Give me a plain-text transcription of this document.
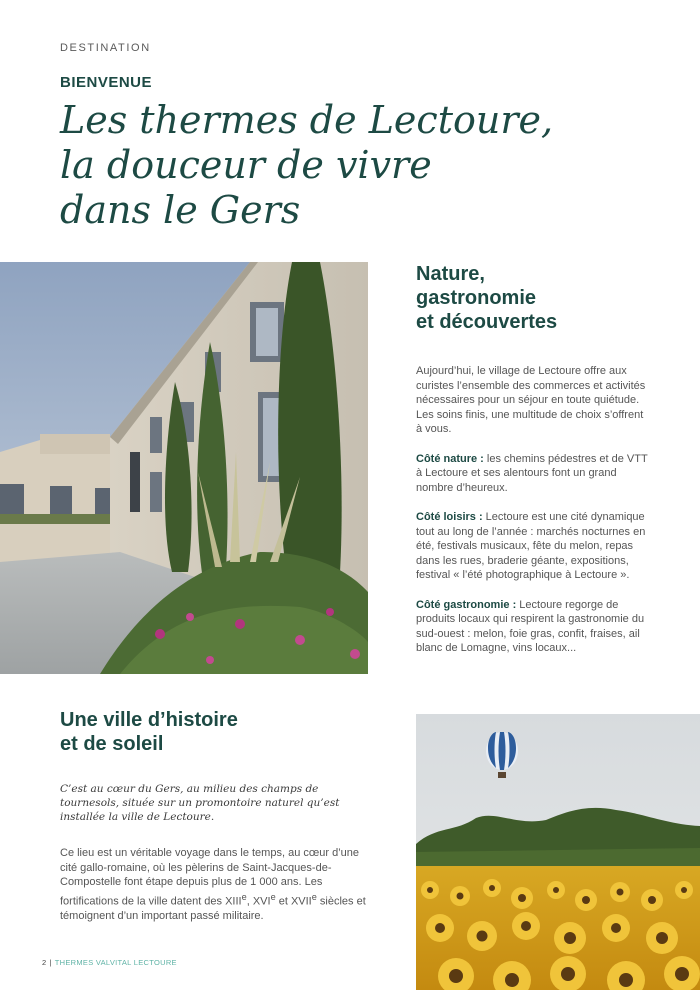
DESTINATION
BIENVENUE
Les thermes de Lectoure,
la douceur de vivre
dans le Gers
Nature,
gastronomie
et découvertes

Aujourd’hui, le village de Lectoure offre aux curistes l’ensemble des commerces et activités nécessaires pour un séjour en toute quiétude. Les soins finis, une multitude de choix s’offrent à vous.

Côté nature : les chemins pédestres et de VTT à Lectoure et ses alentours font un grand nombre d’heureux.

Côté loisirs : Lectoure est une cité dynamique tout au long de l’année : marchés nocturnes en été, festivals musicaux, fête du melon, repas dans les rues, braderie géante, expositions, festival « l’été photographique à Lectoure ».

Côté gastronomie : Lectoure regorge de produits locaux qui respirent la gastronomie du sud-ouest : melon, foie gras, confit, fraises, ail blanc de Lomagne, vins locaux...

Une ville d’histoire
et de soleil

C’est au cœur du Gers, au milieu des champs de tournesols, située sur un promontoire naturel qu’est installée la ville de Lectoure.

Ce lieu est un véritable voyage dans le temps, au cœur d’une cité gallo-romaine, où les pèlerins de Saint-Jacques-de-Compostelle font étape depuis plus de 1 000 ans. Les fortifications de la ville datent des XIIIe, XVIe et XVIIe siècles et témoignent d’un important passé militaire.

2 | THERMES VALVITAL LECTOURE
